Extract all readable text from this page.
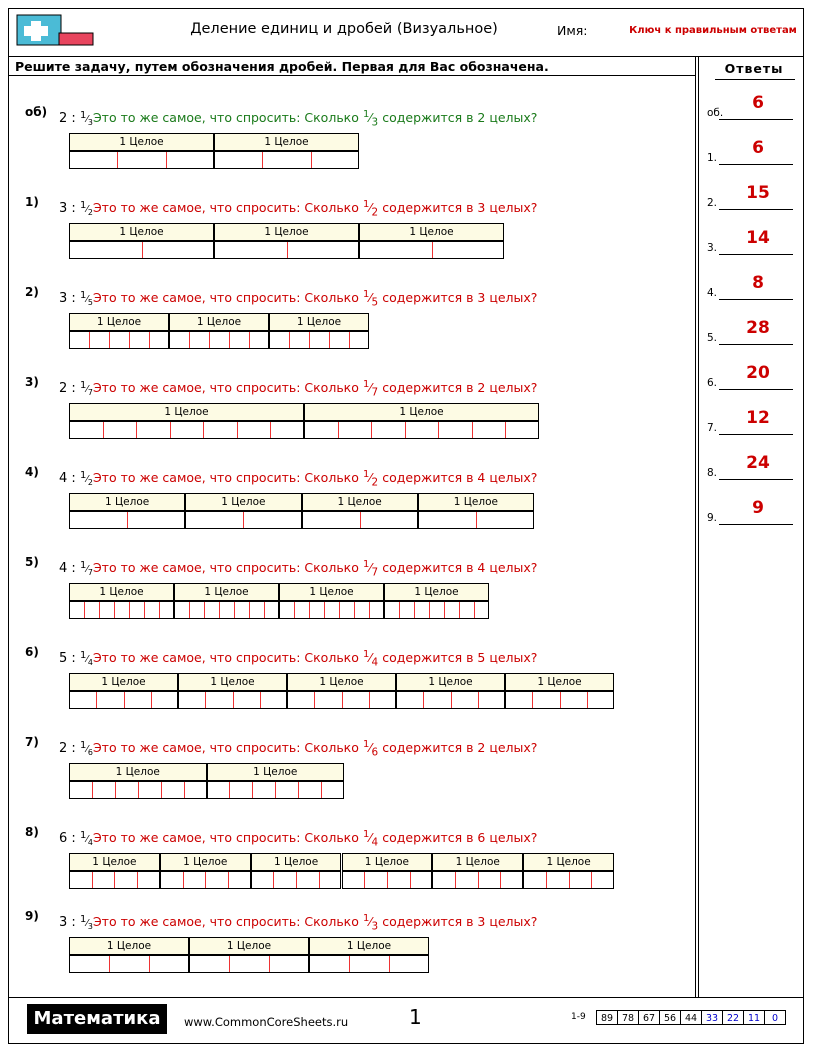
Деление единиц и дробей (Визуальное)	Имя:	Ключ к правильным ответам
Решите задачу, путем обозначения дробей. Первая для Вас обозначена.	Ответы
об.	6
1.	6
2.	15
3.	14
4.	8
5.	28
6.	20
7.	12
8.	24
9.	9
об) 2 : $^1⁄_3Это$ то же самое, что спросить: Сколько $^1⁄_3$ содержится в 2 целых?
1 Целое	1 Целое
1) 3 : $^1⁄_2Это$ то же самое, что спросить: Сколько $^1⁄_2$ содержится в 3 целых?
1 Целое	1 Целое	1 Целое
2) 3 : $^1⁄_5Это$ то же самое, что спросить: Сколько $^1⁄_5$ содержится в 3 целых?
1 Целое	1 Целое	1 Целое
3) 2 : $^1⁄_7Это$ то же самое, что спросить: Сколько $^1⁄_7$ содержится в 2 целых?
1 Целое	1 Целое
4) 4 : $^1⁄_2Это$ то же самое, что спросить: Сколько $^1⁄_2$ содержится в 4 целых?
1 Целое	1 Целое	1 Целое	1 Целое
5) 4 : $^1⁄_7Это$ то же самое, что спросить: Сколько $^1⁄_7$ содержится в 4 целых?
1 Целое	1 Целое	1 Целое	1 Целое
6) 5 : $^1⁄_4Это$ то же самое, что спросить: Сколько $^1⁄_4$ содержится в 5 целых?
1 Целое	1 Целое	1 Целое	1 Целое	1 Целое
7) 2 : $^1⁄_6Это$ то же самое, что спросить: Сколько $^1⁄_6$ содержится в 2 целых?
1 Целое	1 Целое
8) 6 : $^1⁄_4Это$ то же самое, что спросить: Сколько $^1⁄_4$ содержится в 6 целых?
1 Целое	1 Целое	1 Целое	1 Целое	1 Целое	1 Целое
9) 3 : $^1⁄_3Это$ то же самое, что спросить: Сколько $^1⁄_3$ содержится в 3 целых?
1 Целое	1 Целое	1 Целое
Математика	www.CommonCoreSheets.ru	1	1-9	89 78 67 56 44 33 22 11 0
